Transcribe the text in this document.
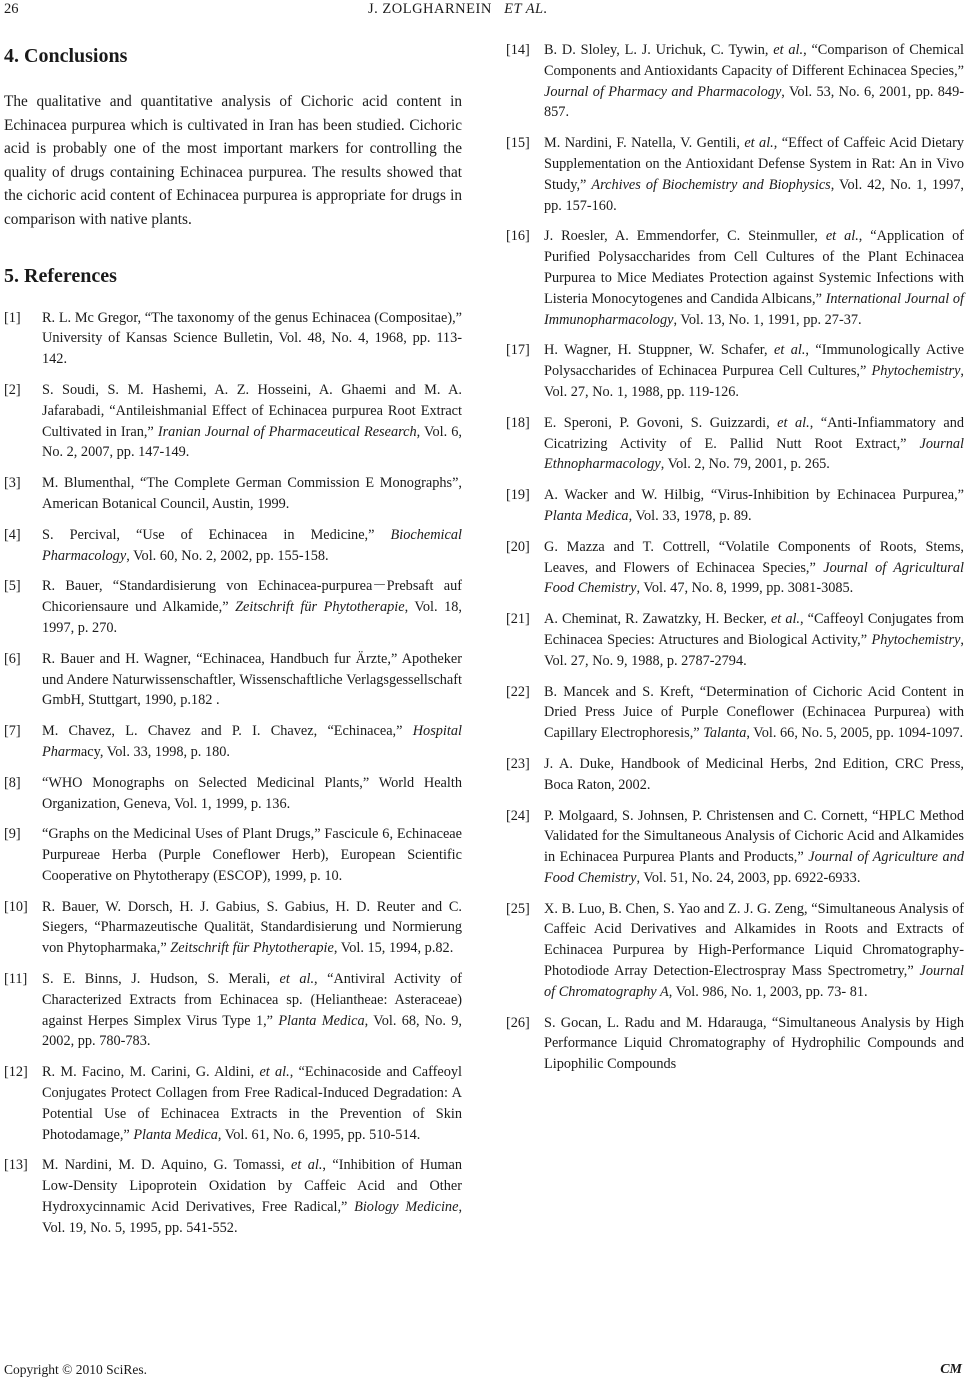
26	J. ZOLGHARNEIN ET AL.
4. Conclusions

The qualitative and quantitative analysis of Cichoric acid content in Echinacea purpurea which is cultivated in Iran has been studied. Cichoric acid is probably one of the most important markers for controlling the quality of drugs containing Echinacea purpurea. The results showed that the cichoric acid content of Echinacea purpurea is appropriate for drugs in comparison with native plants.

5. References
[1] R. L. Mc Gregor, “The taxonomy of the genus Echinacea (Compositae),” University of Kansas Science Bulletin, Vol. 48, No. 4, 1968, pp. 113-142.
[2] S. Soudi, S. M. Hashemi, A. Z. Hosseini, A. Ghaemi and M. A. Jafarabadi, “Antileishmanial Effect of Echinacea purpurea Root Extract Cultivated in Iran,” Iranian Journal of Pharmaceutical Research, Vol. 6, No. 2, 2007, pp. 147-149.
[3] M. Blumenthal, “The Complete German Commission E Monographs”, American Botanical Council, Austin, 1999.
[4] S. Percival, “Use of Echinacea in Medicine,” Biochemical Pharmacology, Vol. 60, No. 2, 2002, pp. 155-158.
[5] R. Bauer, “Standardisierung von Echinacea-purpurea－Prebsaft auf Chicoriensaure und Alkamide,” Zeitschrift für Phytotherapie, Vol. 18, 1997, p. 270.
[6] R. Bauer and H. Wagner, “Echinacea, Handbuch fur Ärzte,” Apotheker und Andere Naturwissenschaftler, Wissenschaftliche Verlagsgessellschaft GmbH, Stuttgart, 1990, p.182 .
[7] M. Chavez, L. Chavez and P. I. Chavez, “Echinacea,” Hospital Pharmacy, Vol. 33, 1998, p. 180.
[8] “WHO Monographs on Selected Medicinal Plants,” World Health Organization, Geneva, Vol. 1, 1999, p. 136.
[9] “Graphs on the Medicinal Uses of Plant Drugs,” Fascicule 6, Echinaceae Purpureae Herba (Purple Coneflower Herb), European Scientific Cooperative on Phytotherapy (ESCOP), 1999, p. 10.
[10] R. Bauer, W. Dorsch, H. J. Gabius, S. Gabius, H. D. Reuter and C. Siegers, “Pharmazeutische Qualität, Standardisierung und Normierung von Phytopharmaka,” Zeitschrift für Phytotherapie, Vol. 15, 1994, p.82.
[11] S. E. Binns, J. Hudson, S. Merali, et al., “Antiviral Activity of Characterized Extracts from Echinacea sp. (Heliantheae: Asteraceae) against Herpes Simplex Virus Type 1,” Planta Medica, Vol. 68, No. 9, 2002, pp. 780-783.
[12] R. M. Facino, M. Carini, G. Aldini, et al., “Echinacoside and Caffeoyl Conjugates Protect Collagen from Free Radical-Induced Degradation: A Potential Use of Echinacea Extracts in the Prevention of Skin Photodamage,” Planta Medica, Vol. 61, No. 6, 1995, pp. 510-514.
[13] M. Nardini, M. D. Aquino, G. Tomassi, et al., “Inhibition of Human Low-Density Lipoprotein Oxidation by Caffeic Acid and Other Hydroxycinnamic Acid Derivatives, Free Radical,” Biology Medicine, Vol. 19, No. 5, 1995, pp. 541-552.
[14] B. D. Sloley, L. J. Urichuk, C. Tywin, et al., “Comparison of Chemical Components and Antioxidants Capacity of Different Echinacea Species,” Journal of Pharmacy and Pharmacology, Vol. 53, No. 6, 2001, pp. 849-857.
[15] M. Nardini, F. Natella, V. Gentili, et al., “Effect of Caffeic Acid Dietary Supplementation on the Antioxidant Defense System in Rat: An in Vivo Study,” Archives of Biochemistry and Biophysics, Vol. 42, No. 1, 1997, pp. 157-160.
[16] J. Roesler, A. Emmendorfer, C. Steinmuller, et al., “Application of Purified Polysaccharides from Cell Cultures of the Plant Echinacea Purpurea to Mice Mediates Protection against Systemic Infections with Listeria Monocytogenes and Candida Albicans,” International Journal of Immunopharmacology, Vol. 13, No. 1, 1991, pp. 27-37.
[17] H. Wagner, H. Stuppner, W. Schafer, et al., “Immunologically Active Polysaccharides of Echinacea Purpurea Cell Cultures,” Phytochemistry, Vol. 27, No. 1, 1988, pp. 119-126.
[18] E. Speroni, P. Govoni, S. Guizzardi, et al., “Anti-Infiammatory and Cicatrizing Activity of E. Pallid Nutt Root Extract,” Journal Ethnopharmacology, Vol. 2, No. 79, 2001, p. 265.
[19] A. Wacker and W. Hilbig, “Virus-Inhibition by Echinacea Purpurea,” Planta Medica, Vol. 33, 1978, p. 89.
[20] G. Mazza and T. Cottrell, “Volatile Components of Roots, Stems, Leaves, and Flowers of Echinacea Species,” Journal of Agricultural Food Chemistry, Vol. 47, No. 8, 1999, pp. 3081-3085.
[21] A. Cheminat, R. Zawatzky, H. Becker, et al., “Caffeoyl Conjugates from Echinacea Species: Atructures and Biological Activity,” Phytochemistry, Vol. 27, No. 9, 1988, p. 2787-2794.
[22] B. Mancek and S. Kreft, “Determination of Cichoric Acid Content in Dried Press Juice of Purple Coneflower (Echinacea Purpurea) with Capillary Electrophoresis,” Talanta, Vol. 66, No. 5, 2005, pp. 1094-1097.
[23] J. A. Duke, Handbook of Medicinal Herbs, 2nd Edition, CRC Press, Boca Raton, 2002.
[24] P. Molgaard, S. Johnsen, P. Christensen and C. Cornett, “HPLC Method Validated for the Simultaneous Analysis of Cichoric Acid and Alkamides in Echinacea Purpurea Plants and Products,” Journal of Agriculture and Food Chemistry, Vol. 51, No. 24, 2003, pp. 6922-6933.
[25] X. B. Luo, B. Chen, S. Yao and Z. J. G. Zeng, “Simultaneous Analysis of Caffeic Acid Derivatives and Alkamides in Roots and Extracts of Echinacea Purpurea by High-Performance Liquid Chromatography-Photodiode Array Detection-Electrospray Mass Spectrometry,” Journal of Chromatography A, Vol. 986, No. 1, 2003, pp. 73- 81.
[26] S. Gocan, L. Radu and M. Hdarauga, “Simultaneous Analysis by High Performance Liquid Chromatography of Hydrophilic Compounds and Lipophilic Compounds
Copyright © 2010 SciRes.	CM
